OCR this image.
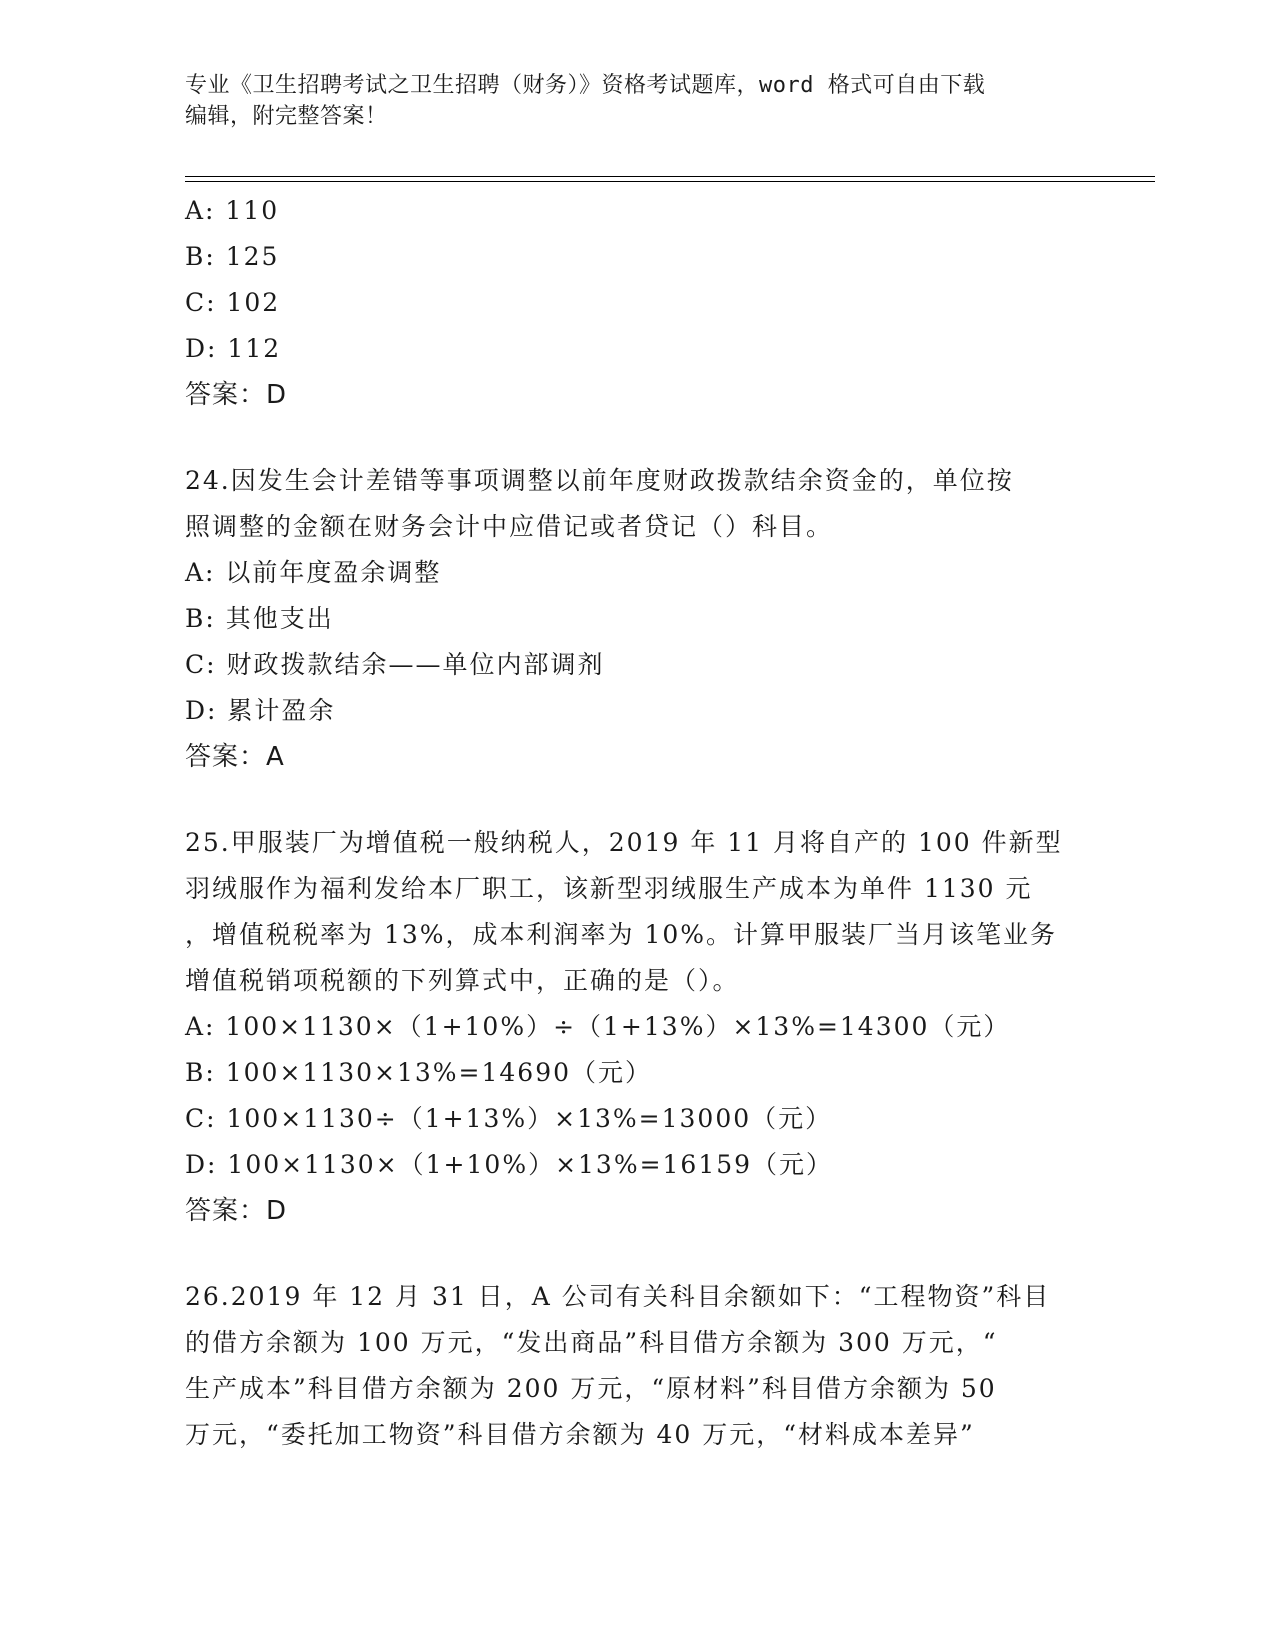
专业《卫生招聘考试之卫生招聘（财务）》资格考试题库，word 格式可自由下载
编辑，附完整答案！
A: 110
B: 125
C: 102
D: 112
答案：D
24.因发生会计差错等事项调整以前年度财政拨款结余资金的，单位按
照调整的金额在财务会计中应借记或者贷记（）科目。
A: 以前年度盈余调整
B: 其他支出
C: 财政拨款结余——单位内部调剂
D: 累计盈余
答案：A
25.甲服装厂为增值税一般纳税人，2019 年 11 月将自产的 100 件新型
羽绒服作为福利发给本厂职工，该新型羽绒服生产成本为单件 1130 元
，增值税税率为 13%，成本利润率为 10%。计算甲服装厂当月该笔业务
增值税销项税额的下列算式中，正确的是（）。
A: 100×1130×（1+10%）÷（1+13%）×13%=14300（元）
B: 100×1130×13%=14690（元）
C: 100×1130÷（1+13%）×13%=13000（元）
D: 100×1130×（1+10%）×13%=16159（元）
答案：D
26.2019 年 12 月 31 日，A 公司有关科目余额如下：“工程物资”科目
的借方余额为 100 万元，“发出商品”科目借方余额为 300 万元，“
生产成本”科目借方余额为 200 万元，“原材料”科目借方余额为 50
万元，“委托加工物资”科目借方余额为 40 万元，“材料成本差异”
